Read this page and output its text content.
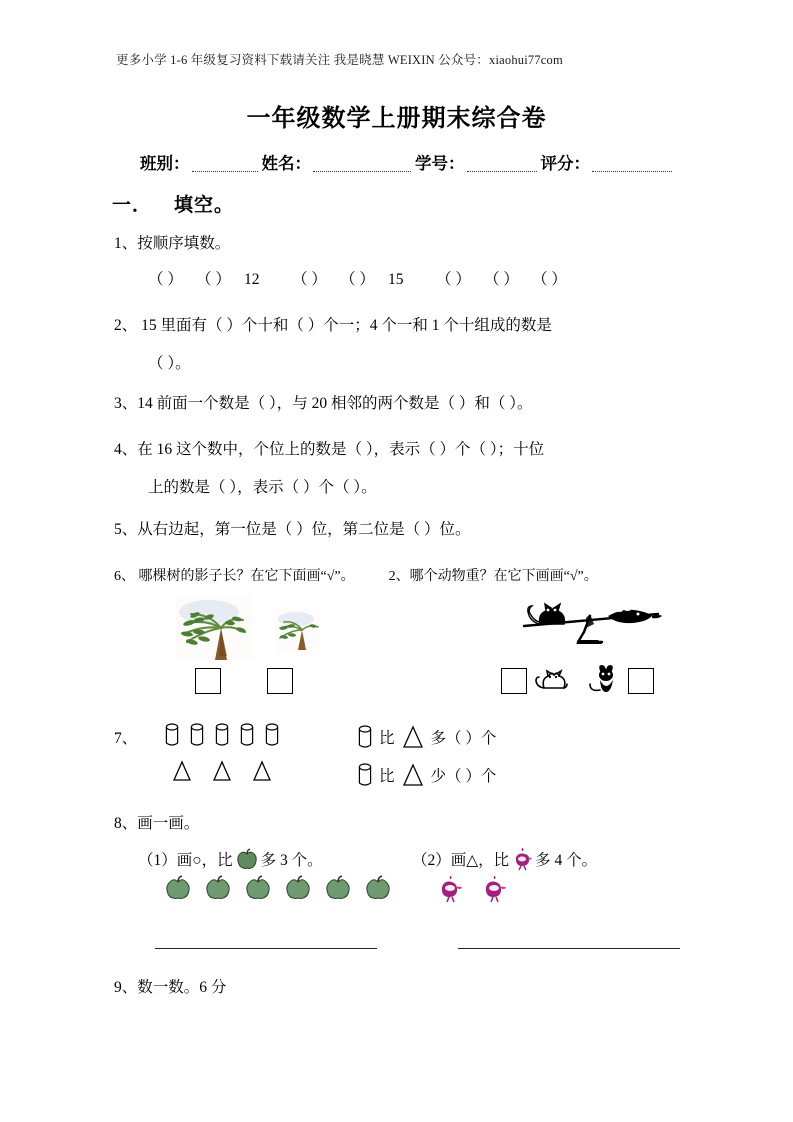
更多小学 1-6 年级复习资料下载请关注 我是晓慧 WEIXIN 公众号：xiaohui77com
一年级数学上册期末综合卷
班别：	姓名：	学号：	评分：
一． 填空。
1、按顺序填数。
（ ） （ ） 12 （ ） （ ） 15 （ ） （ ） （ ）
2、 15 里面有（ ）个十和（ ）个一；4 个一和 1 个十组成的数是
（ ）。
3、14 前面一个数是（ ），与 20 相邻的两个数是（ ）和（ ）。
4、在 16 这个数中，个位上的数是（ ），表示（ ）个（ ）；十位
上的数是（ ），表示（ ）个（ ）。
5、从右边起，第一位是（ ）位，第二位是（ ）位。
6、 哪棵树的影子长？在它下面画“√”。 2、哪个动物重？在它下画画“√”。
7、	比 多（ ）个
比 少（ ）个
8、画一画。
（1）画○，比 多 3 个。	（2）画△，比 多 4 个。
9、数一数。6 分
